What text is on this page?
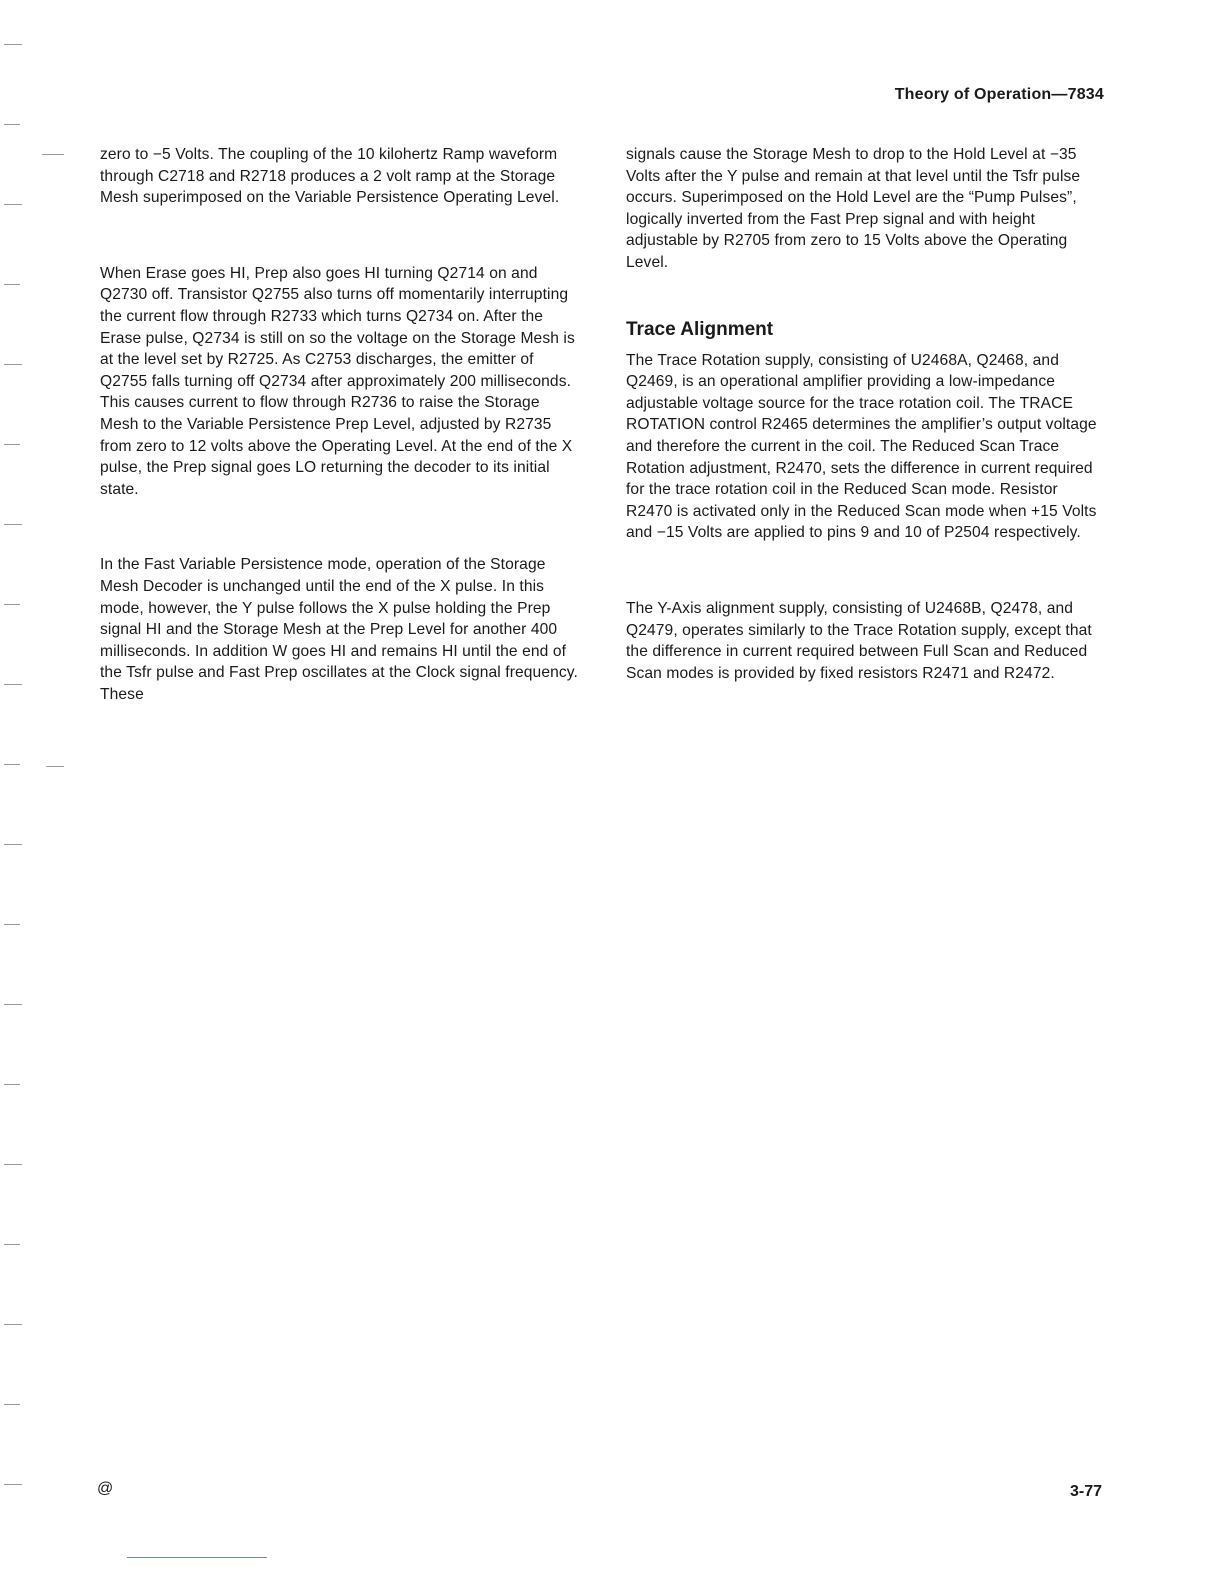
Theory of Operation—7834

zero to −5 Volts. The coupling of the 10 kilohertz Ramp waveform through C2718 and R2718 produces a 2 volt ramp at the Storage Mesh superimposed on the Variable Persistence Operating Level.

When Erase goes HI, Prep also goes HI turning Q2714 on and Q2730 off. Transistor Q2755 also turns off momentarily interrupting the current flow through R2733 which turns Q2734 on. After the Erase pulse, Q2734 is still on so the voltage on the Storage Mesh is at the level set by R2725. As C2753 discharges, the emitter of Q2755 falls turning off Q2734 after approximately 200 milliseconds. This causes current to flow through R2736 to raise the Storage Mesh to the Variable Persistence Prep Level, adjusted by R2735 from zero to 12 volts above the Operating Level. At the end of the X pulse, the Prep signal goes LO returning the decoder to its initial state.

In the Fast Variable Persistence mode, operation of the Storage Mesh Decoder is unchanged until the end of the X pulse. In this mode, however, the Y pulse follows the X pulse holding the Prep signal HI and the Storage Mesh at the Prep Level for another 400 milliseconds. In addition W goes HI and remains HI until the end of the Tsfr pulse and Fast Prep oscillates at the Clock signal frequency. These

signals cause the Storage Mesh to drop to the Hold Level at −35 Volts after the Y pulse and remain at that level until the Tsfr pulse occurs. Superimposed on the Hold Level are the “Pump Pulses”, logically inverted from the Fast Prep signal and with height adjustable by R2705 from zero to 15 Volts above the Operating Level.

Trace Alignment

The Trace Rotation supply, consisting of U2468A, Q2468, and Q2469, is an operational amplifier providing a low-impedance adjustable voltage source for the trace rotation coil. The TRACE ROTATION control R2465 determines the amplifier’s output voltage and therefore the current in the coil. The Reduced Scan Trace Rotation adjustment, R2470, sets the difference in current required for the trace rotation coil in the Reduced Scan mode. Resistor R2470 is activated only in the Reduced Scan mode when +15 Volts and −15 Volts are applied to pins 9 and 10 of P2504 respectively.

The Y-Axis alignment supply, consisting of U2468B, Q2478, and Q2479, operates similarly to the Trace Rotation supply, except that the difference in current required between Full Scan and Reduced Scan modes is provided by fixed resistors R2471 and R2472.

@	3-77
